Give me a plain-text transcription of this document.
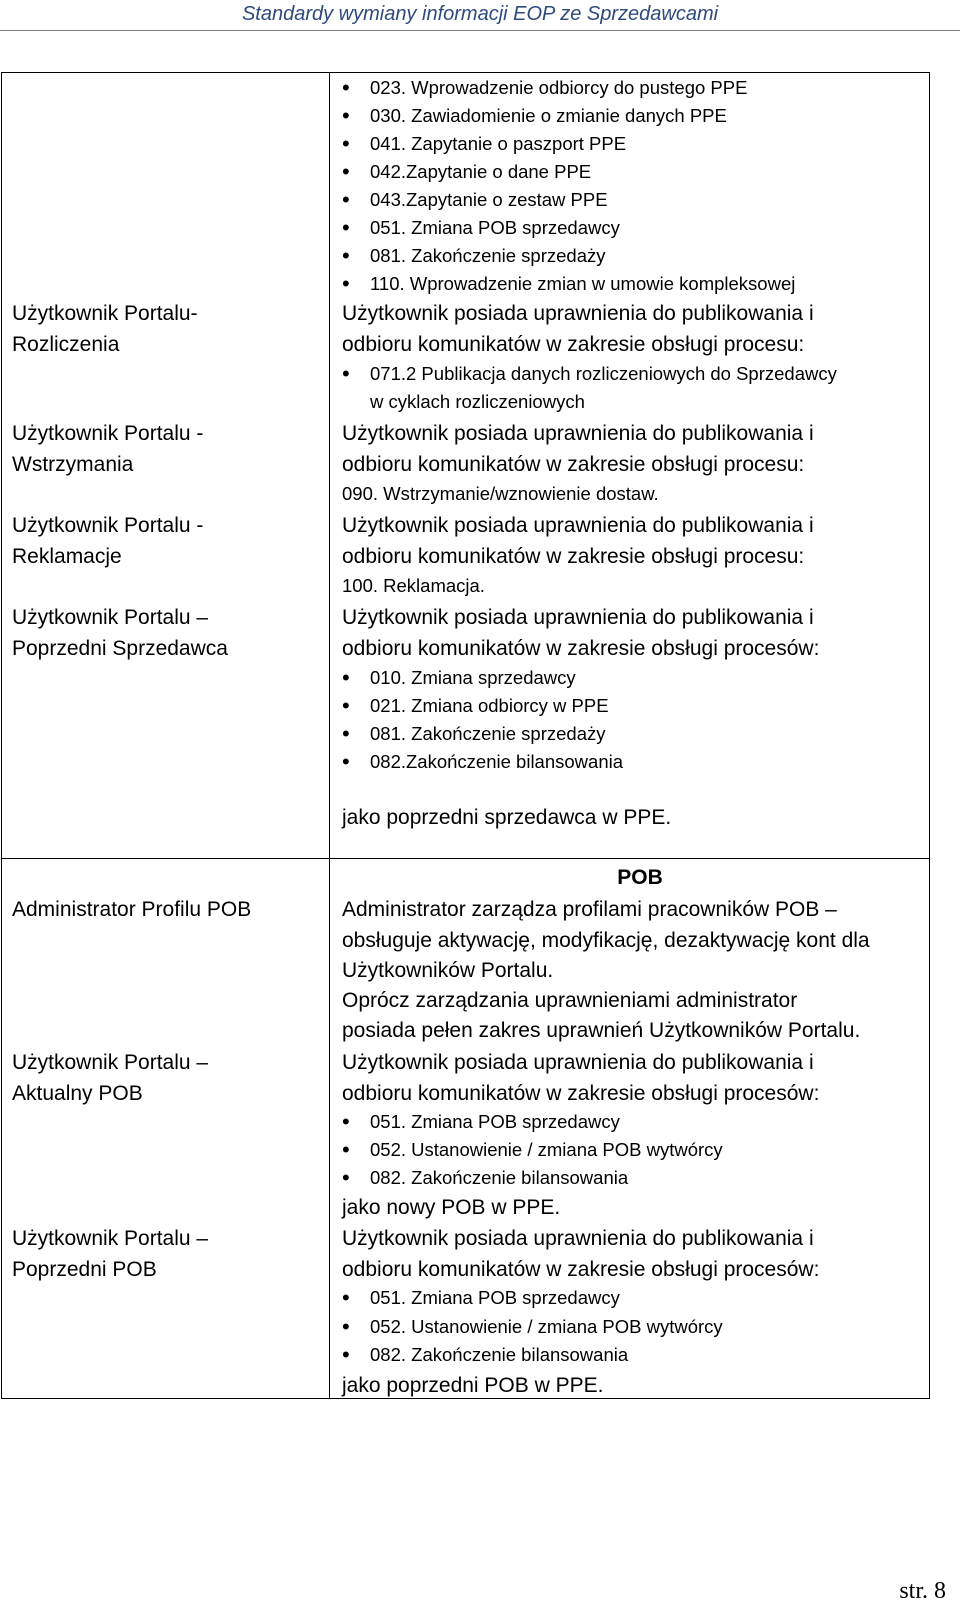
Standardy wymiany informacji EOP ze Sprzedawcami
Użytkownik Portalu-
Rozliczenia
Użytkownik Portalu -
Wstrzymania
Użytkownik Portalu -
Reklamacje
Użytkownik Portalu –
Poprzedni Sprzedawca
• 023. Wprowadzenie odbiorcy do pustego PPE
• 030. Zawiadomienie o zmianie danych PPE
• 041. Zapytanie o paszport PPE
• 042.Zapytanie o dane PPE
• 043.Zapytanie o zestaw PPE
• 051. Zmiana POB sprzedawcy
• 081. Zakończenie sprzedaży
• 110. Wprowadzenie zmian w umowie kompleksowej
Użytkownik posiada uprawnienia do publikowania i
odbioru komunikatów w zakresie obsługi procesu:
• 071.2 Publikacja danych rozliczeniowych do Sprzedawcy
w cyklach rozliczeniowych
Użytkownik posiada uprawnienia do publikowania i
odbioru komunikatów w zakresie obsługi procesu:
090. Wstrzymanie/wznowienie dostaw.
Użytkownik posiada uprawnienia do publikowania i
odbioru komunikatów w zakresie obsługi procesu:
100. Reklamacja.
Użytkownik posiada uprawnienia do publikowania i
odbioru komunikatów w zakresie obsługi procesów:
• 010. Zmiana sprzedawcy
• 021. Zmiana odbiorcy w PPE
• 081. Zakończenie sprzedaży
• 082.Zakończenie bilansowania
jako poprzedni sprzedawca w PPE.
POB
Administrator Profilu POB
Użytkownik Portalu –
Aktualny POB
Użytkownik Portalu –
Poprzedni POB
Administrator zarządza profilami pracowników POB –
obsługuje aktywację, modyfikację, dezaktywację kont dla
Użytkowników Portalu.
Oprócz zarządzania uprawnieniami administrator
posiada pełen zakres uprawnień Użytkowników Portalu.
Użytkownik posiada uprawnienia do publikowania i
odbioru komunikatów w zakresie obsługi procesów:
• 051. Zmiana POB sprzedawcy
• 052. Ustanowienie / zmiana POB wytwórcy
• 082. Zakończenie bilansowania
jako nowy POB w PPE.
Użytkownik posiada uprawnienia do publikowania i
odbioru komunikatów w zakresie obsługi procesów:
• 051. Zmiana POB sprzedawcy
• 052. Ustanowienie / zmiana POB wytwórcy
• 082. Zakończenie bilansowania
jako poprzedni POB w PPE.
str. 8
